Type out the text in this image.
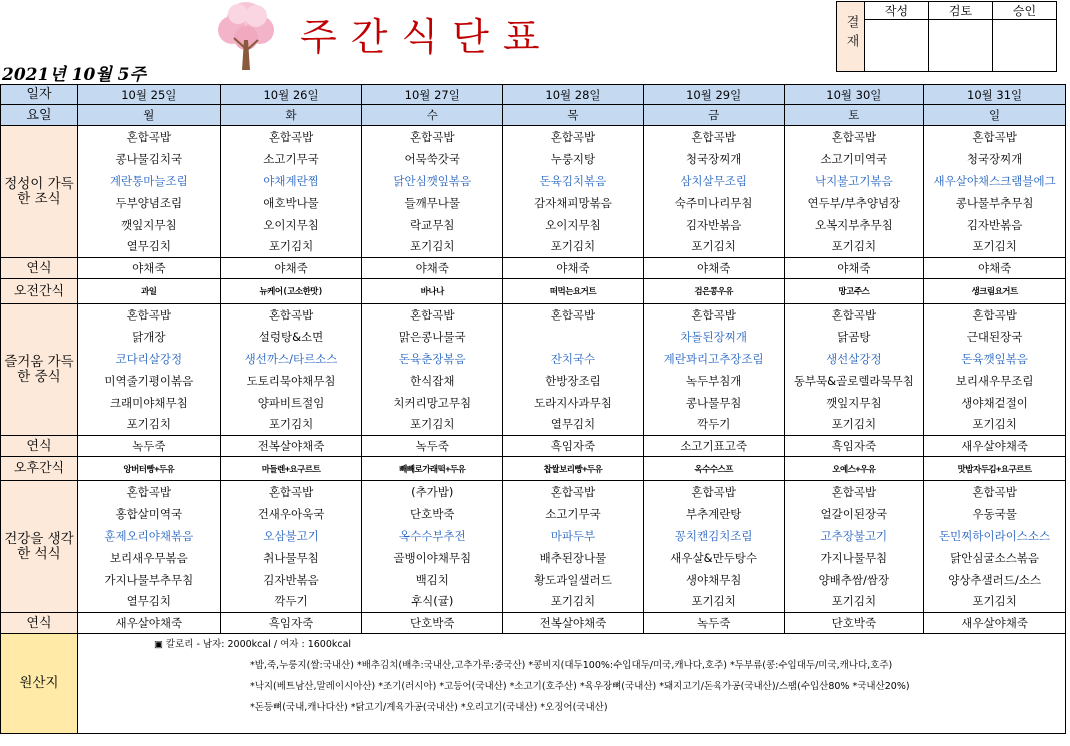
주간식단표	결재	작성	검토	승인

2021년 10월 5주
일자	10월 25일	10월 26일	10월 27일	10월 28일	10월 29일	10월 30일	10월 31일
요일	월	화	수	목	금	토	일
정성이 가득한 조식	혼합곡밥	혼합곡밥	혼합곡밥	혼합곡밥	혼합곡밥	혼합곡밥	혼합곡밥
	콩나물김치국	소고기무국	어묵쑥갓국	누룽지탕	청국장찌개	소고기미역국	청국장찌개
	계란통마늘조림	야채계란찜	닭안심깻잎볶음	돈육김치볶음	삼치살무조림	낙지불고기볶음	새우살야채스크램블에그
	두부양념조림	애호박나물	들깨무나물	감자채피망볶음	숙주미나리무침	연두부/부추양념장	콩나물부추무침
	깻잎지무침	오이지무침	락교무침	오이지무침	김자반볶음	오복지부추무침	김자반볶음
	열무김치	포기김치	포기김치	포기김치	포기김치	포기김치	포기김치
연식	야채죽	야채죽	야채죽	야채죽	야채죽	야채죽	야채죽
오전간식	과일	뉴케어(고소한맛)	바나나	떠먹는요거트	검은콩우유	망고주스	생크림요거트
즐거움 가득한 중식	혼합곡밥	혼합곡밥	혼합곡밥	혼합곡밥	혼합곡밥	혼합곡밥	혼합곡밥
	닭개장	설렁탕&소면	맑은콩나물국		차돌된장찌개	닭곰탕	근대된장국
	코다리살강정	생선까스/타르소스	돈육춘장볶음	잔치국수	계란꽈리고추장조림	생선살강정	돈육깻잎볶음
	미역줄기평이볶음	도토리묵야채무침	한식잡채	한방장조림	녹두부침개	동부묵&골로렐라묵무침	보리새우무조림
	크래미야채무침	양파비트절임	치커리망고무침	도라지사과무침	콩나물무침	깻잎지무침	생야채겉절이
	포기김치	포기김치	포기김치	열무김치	깍두기	포기김치	포기김치
연식	녹두죽	전복살야채죽	녹두죽	흑임자죽	소고기표고죽	흑임자죽	새우살야채죽
오후간식	앙버터빵+두유	마들렌+요구르트	빼빼로가래떡+두유	찹쌀보리빵+두유	옥수수스프	오예스+우유	맛밤자두김+요구르트
건강을 생각한 석식	혼합곡밥	혼합곡밥	(추가밥)	혼합곡밥	혼합곡밥	혼합곡밥	혼합곡밥
	홍합살미역국	건새우아욱국	단호박죽	소고기무국	부추계란탕	얼갈이된장국	우동국물
	훈제오리야채볶음	오삼불고기	옥수수부추전	마파두부	꽁치캔김치조림	고추장불고기	돈민찌하이라이스소스
	보리새우무볶음	취나물무침	골뱅이야채무침	배추된장나물	새우살&만두탕수	가지나물무침	닭안심굴소스볶음
	가지나물부추무침	김자반볶음	백김치	황도과일샐러드	생야채무침	양배추쌈/쌈장	양상추샐러드/소스
	열무김치	깍두기	후식(귤)	포기김치	포기김치	포기김치	포기김치
연식	새우살야채죽	흑임자죽	단호박죽	전복살야채죽	녹두죽	단호박죽	새우살야채죽
원산지	▣ 칼로리 - 남자: 2000kcal / 여자 : 1600kcal
*밥,죽,누룽지(쌀:국내산) *배추김치(배추:국내산,고추가루:중국산) *콩비지(대두100%:수입대두/미국,캐나다,호주) *두부류(콩:수입대두/미국,캐나다,호주)
*낙지(베트남산,말레이시아산) *조기(러시아) *고등어(국내산) *소고기(호주산) *육우장뼈(국내산) *돼지고기/돈육가공(국내산)/스팸(수입산80% *국내산20%)
*돈등뼈(국내,캐나다산) *닭고기/계육가공(국내산) *오리고기(국내산) *오징어(국내산)						
